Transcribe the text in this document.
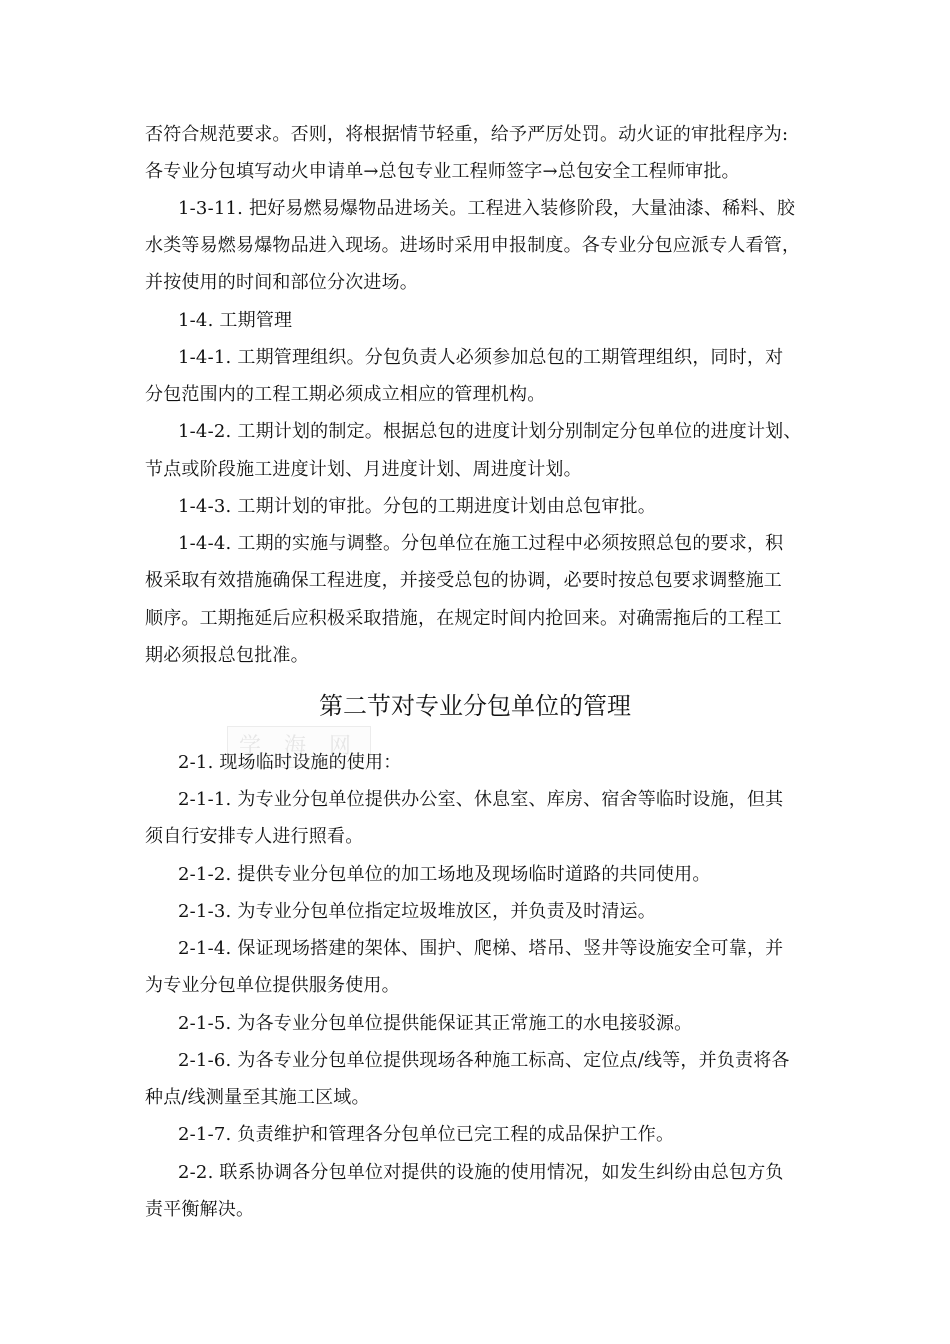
否符合规范要求。否则，将根据情节轻重，给予严厉处罚。动火证的审批程序为:
各专业分包填写动火申请单→总包专业工程师签字→总包安全工程师审批。
1-3-11. 把好易燃易爆物品进场关。工程进入装修阶段，大量油漆、稀料、胶
水类等易燃易爆物品进入现场。进场时采用申报制度。各专业分包应派专人看管，
并按使用的时间和部位分次进场。
1-4. 工期管理
1-4-1. 工期管理组织。分包负责人必须参加总包的工期管理组织，同时，对
分包范围内的工程工期必须成立相应的管理机构。
1-4-2. 工期计划的制定。根据总包的进度计划分别制定分包单位的进度计划、
节点或阶段施工进度计划、月进度计划、周进度计划。
1-4-3. 工期计划的审批。分包的工期进度计划由总包审批。
1-4-4. 工期的实施与调整。分包单位在施工过程中必须按照总包的要求，积
极采取有效措施确保工程进度，并接受总包的协调，必要时按总包要求调整施工
顺序。工期拖延后应积极采取措施，在规定时间内抢回来。对确需拖后的工程工
期必须报总包批准。
第二节对专业分包单位的管理
学 海 网
2-1. 现场临时设施的使用：
2-1-1. 为专业分包单位提供办公室、休息室、库房、宿舍等临时设施，但其
须自行安排专人进行照看。
2-1-2. 提供专业分包单位的加工场地及现场临时道路的共同使用。
2-1-3. 为专业分包单位指定垃圾堆放区，并负责及时清运。
2-1-4. 保证现场搭建的架体、围护、爬梯、塔吊、竖井等设施安全可靠，并
为专业分包单位提供服务使用。
2-1-5. 为各专业分包单位提供能保证其正常施工的水电接驳源。
2-1-6. 为各专业分包单位提供现场各种施工标高、定位点/线等，并负责将各
种点/线测量至其施工区域。
2-1-7. 负责维护和管理各分包单位已完工程的成品保护工作。
2-2. 联系协调各分包单位对提供的设施的使用情况，如发生纠纷由总包方负
责平衡解决。
